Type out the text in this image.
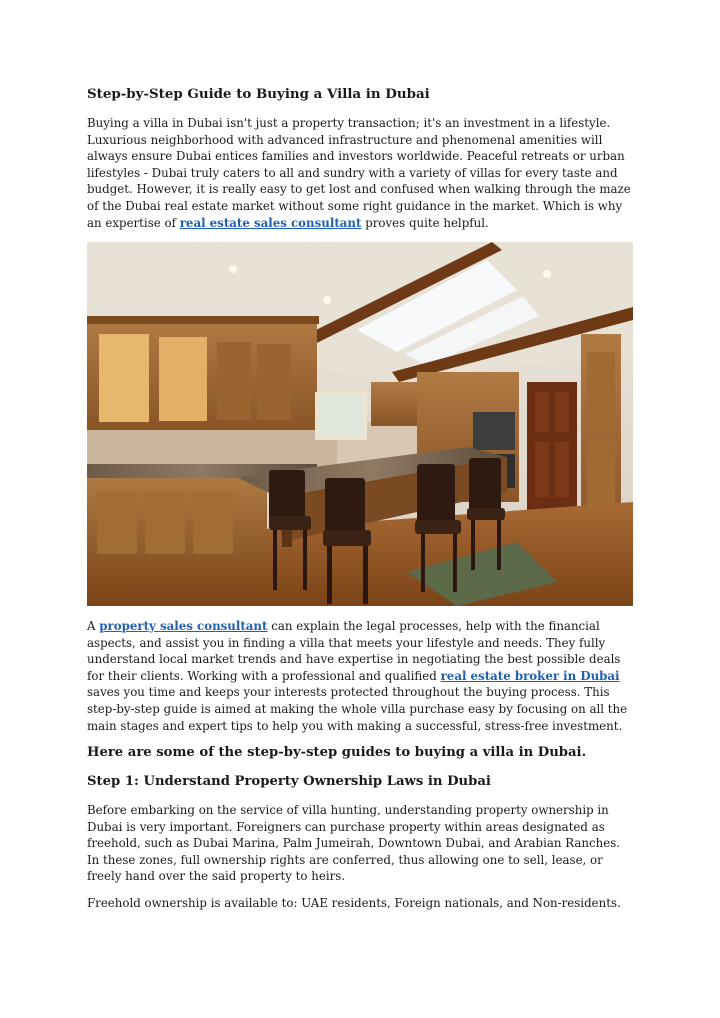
Step-by-Step Guide to Buying a Villa in Dubai

Buying a villa in Dubai isn't just a property transaction; it's an investment in a lifestyle. Luxurious neighborhood with advanced infrastructure and phenomenal amenities will always ensure Dubai entices families and investors worldwide. Peaceful retreats or urban lifestyles - Dubai truly caters to all and sundry with a variety of villas for every taste and budget. However, it is really easy to get lost and confused when walking through the maze of the Dubai real estate market without some right guidance in the market. Which is why an expertise of real estate sales consultant proves quite helpful.

A property sales consultant can explain the legal processes, help with the financial aspects, and assist you in finding a villa that meets your lifestyle and needs. They fully understand local market trends and have expertise in negotiating the best possible deals for their clients. Working with a professional and qualified real estate broker in Dubai saves you time and keeps your interests protected throughout the buying process. This step-by-step guide is aimed at making the whole villa purchase easy by focusing on all the main stages and expert tips to help you with making a successful, stress-free investment.

Here are some of the step-by-step guides to buying a villa in Dubai.
Step 1: Understand Property Ownership Laws in Dubai

Before embarking on the service of villa hunting, understanding property ownership in Dubai is very important. Foreigners can purchase property within areas designated as freehold, such as Dubai Marina, Palm Jumeirah, Downtown Dubai, and Arabian Ranches. In these zones, full ownership rights are conferred, thus allowing one to sell, lease, or freely hand over the said property to heirs.

Freehold ownership is available to: UAE residents, Foreign nationals, and Non-residents.
